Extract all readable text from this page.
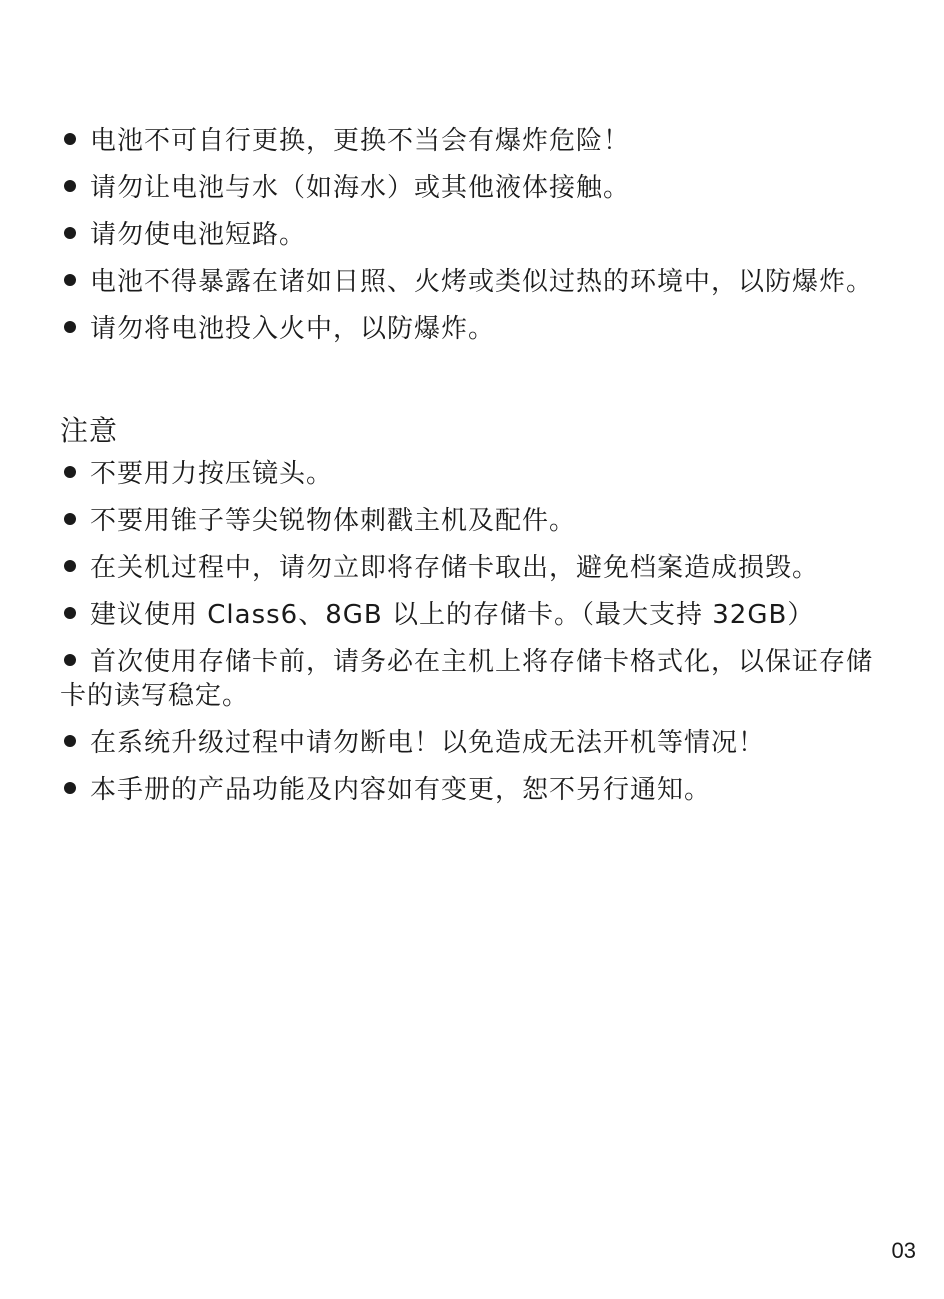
电池不可自行更换，更换不当会有爆炸危险！
请勿让电池与水（如海水）或其他液体接触。
请勿使电池短路。
电池不得暴露在诸如日照、火烤或类似过热的环境中，以防爆炸。
请勿将电池投入火中，以防爆炸。
注意
不要用力按压镜头。
不要用锥子等尖锐物体刺戳主机及配件。
在关机过程中，请勿立即将存储卡取出，避免档案造成损毁。
建议使用 Class6、8GB 以上的存储卡。（最大支持 32GB）
首次使用存储卡前，请务必在主机上将存储卡格式化，以保证存储卡的读写稳定。
在系统升级过程中请勿断电！以免造成无法开机等情况！
本手册的产品功能及内容如有变更，恕不另行通知。
03
